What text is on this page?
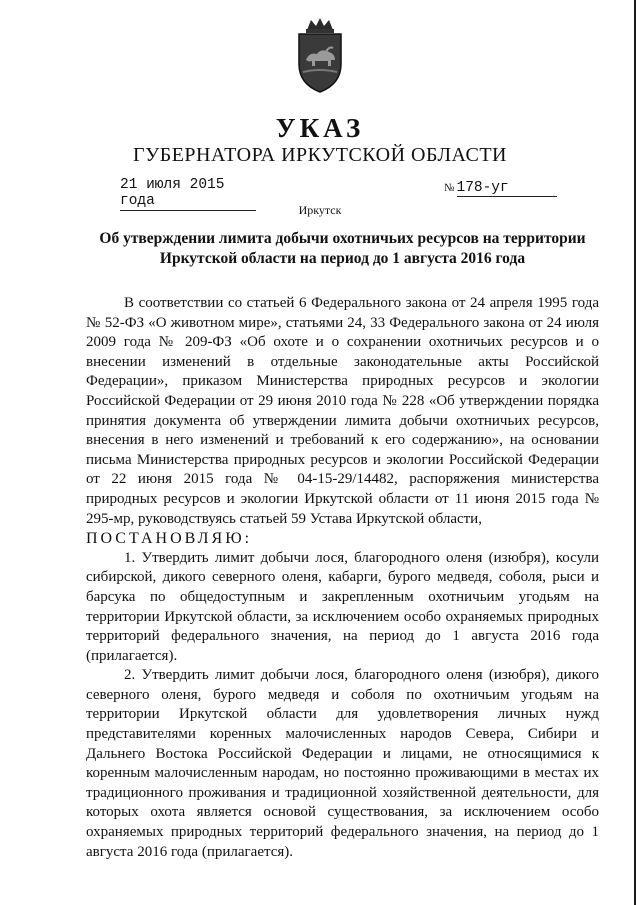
УКАЗ
ГУБЕРНАТОРА ИРКУТСКОЙ ОБЛАСТИ
21 июля 2015 года
№ 178-уг
Иркутск
Об утверждении лимита добычи охотничьих ресурсов на территории Иркутской области на период до 1 августа 2016 года

В соответствии со статьей 6 Федерального закона от 24 апреля 1995 года № 52-ФЗ «О животном мире», статьями 24, 33 Федерального закона от 24 июля 2009 года № 209-ФЗ «Об охоте и о сохранении охотничьих ресурсов и о внесении изменений в отдельные законодательные акты Российской Федерации», приказом Министерства природных ресурсов и экологии Российской Федерации от 29 июня 2010 года № 228 «Об утверждении порядка принятия документа об утверждении лимита добычи охотничьих ресурсов, внесения в него изменений и требований к его содержанию», на основании письма Министерства природных ресурсов и экологии Российской Федерации от 22 июня 2015 года № 04-15-29/14482, распоряжения министерства природных ресурсов и экологии Иркутской области от 11 июня 2015 года № 295-мр, руководствуясь статьей 59 Устава Иркутской области,

ПОСТАНОВЛЯЮ:

1. Утвердить лимит добычи лося, благородного оленя (изюбря), косули сибирской, дикого северного оленя, кабарги, бурого медведя, соболя, рыси и барсука по общедоступным и закрепленным охотничьим угодьям на территории Иркутской области, за исключением особо охраняемых природных территорий федерального значения, на период до 1 августа 2016 года (прилагается).

2. Утвердить лимит добычи лося, благородного оленя (изюбря), дикого северного оленя, бурого медведя и соболя по охотничьим угодьям на территории Иркутской области для удовлетворения личных нужд представителями коренных малочисленных народов Севера, Сибири и Дальнего Востока Российской Федерации и лицами, не относящимися к коренным малочисленным народам, но постоянно проживающими в местах их традиционного проживания и традиционной хозяйственной деятельности, для которых охота является основой существования, за исключением особо охраняемых природных территорий федерального значения, на период до 1 августа 2016 года (прилагается).
